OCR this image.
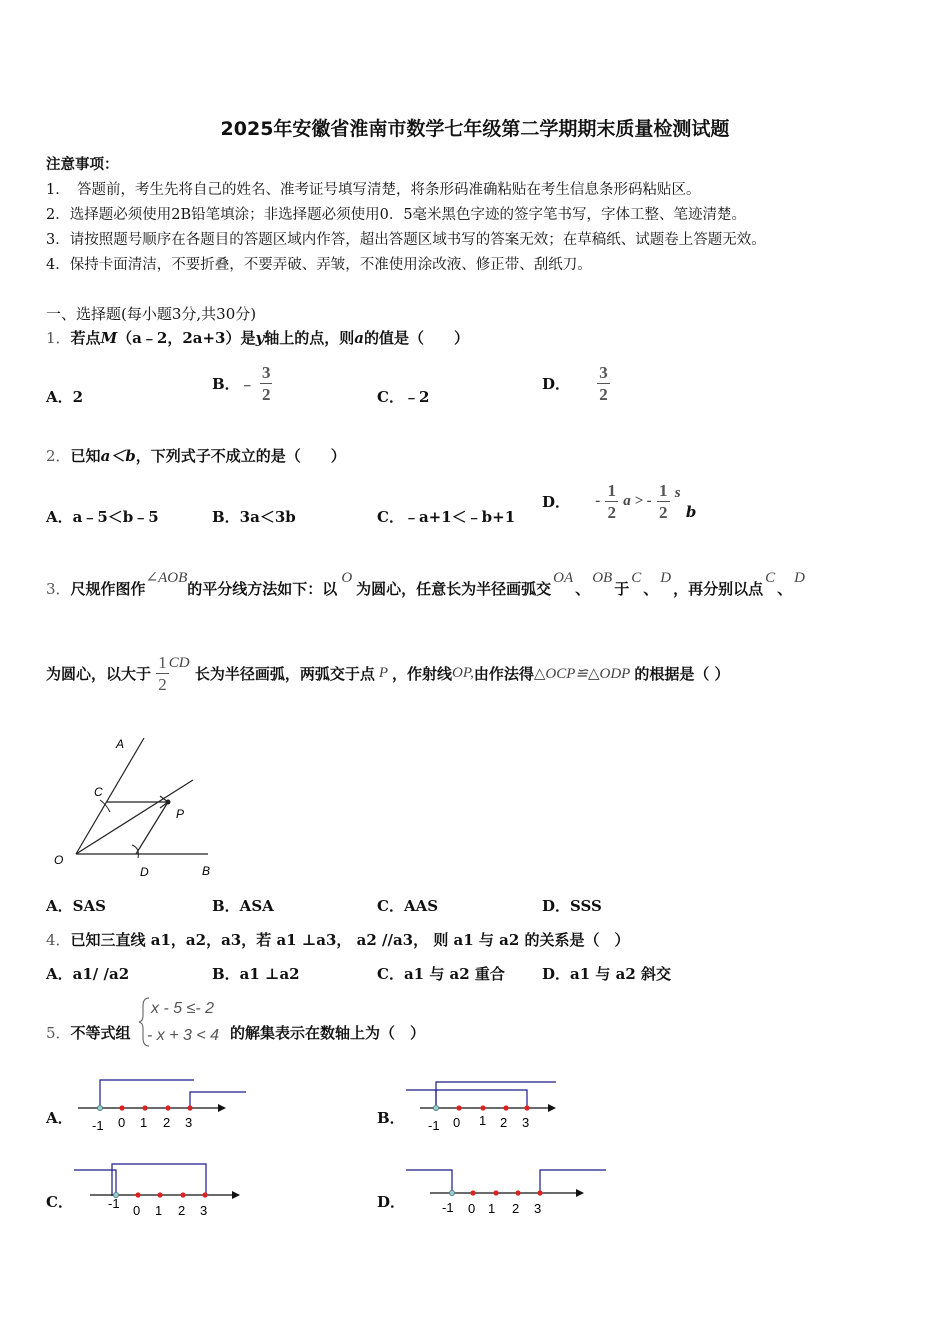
2025年安徽省淮南市数学七年级第二学期期末质量检测试题
注意事项：
1．　答题前，考生先将自己的姓名、准考证号填写清楚，将条形码准确粘贴在考生信息条形码粘贴区。
2．选择题必须使用2B铅笔填涂；非选择题必须使用0．5毫米黑色字迹的签字笔书写，字体工整、笔迹清楚。
3．请按照题号顺序在各题目的答题区域内作答，超出答题区域书写的答案无效；在草稿纸、试题卷上答题无效。
4．保持卡面清洁，不要折叠，不要弄破、弄皱，不准使用涂改液、修正带、刮纸刀。
一、选择题(每小题3分,共30分)
1．若点M（a﹣2，2a+3）是y轴上的点，则a的值是（　　）
A．2
B．﹣ $\frac{3}{2}$	C．﹣2
D． $\frac{3}{2}$
2．已知a＜b，下列式子不成立的是（　　）
A．a﹣5＜b﹣5	B．3a＜3b	C．﹣a+1＜﹣b+1
D． - $\frac{1}{2}$ a > - $\frac{1}{2}$ s b
3．尺规作图作∠AOB的平分线方法如下：以O为圆心，任意长为半径画弧交OA、OB于C、D，再分别以点C、D
为圆心，以大于 $\frac{1}{2}$ CD 长为半径画弧，两弧交于点 P ，作射线OP,由作法得△OCP≌△ODP 的根据是（ ）
A
C
P
O
D	B
A．SAS	B．ASA	C．AAS	D．SSS
4．已知三直线 a1，a2，a3，若 a1 ⊥a3， a2 //a3， 则 a1 与 a2 的关系是（　）
A．a1/ /a2	B．a1 ⊥a2	C．a1 与 a2 重合 D．a1 与 a2 斜交
5．不等式组
x - 5 ≤- 2
- x + 3 < 4 的解集表示在数轴上为（　）
A．	B．
C．	D．
-1 0 1 2 3	-1 0 1 2 3
-1 0 1 2 3	-1 0 1 2 3
